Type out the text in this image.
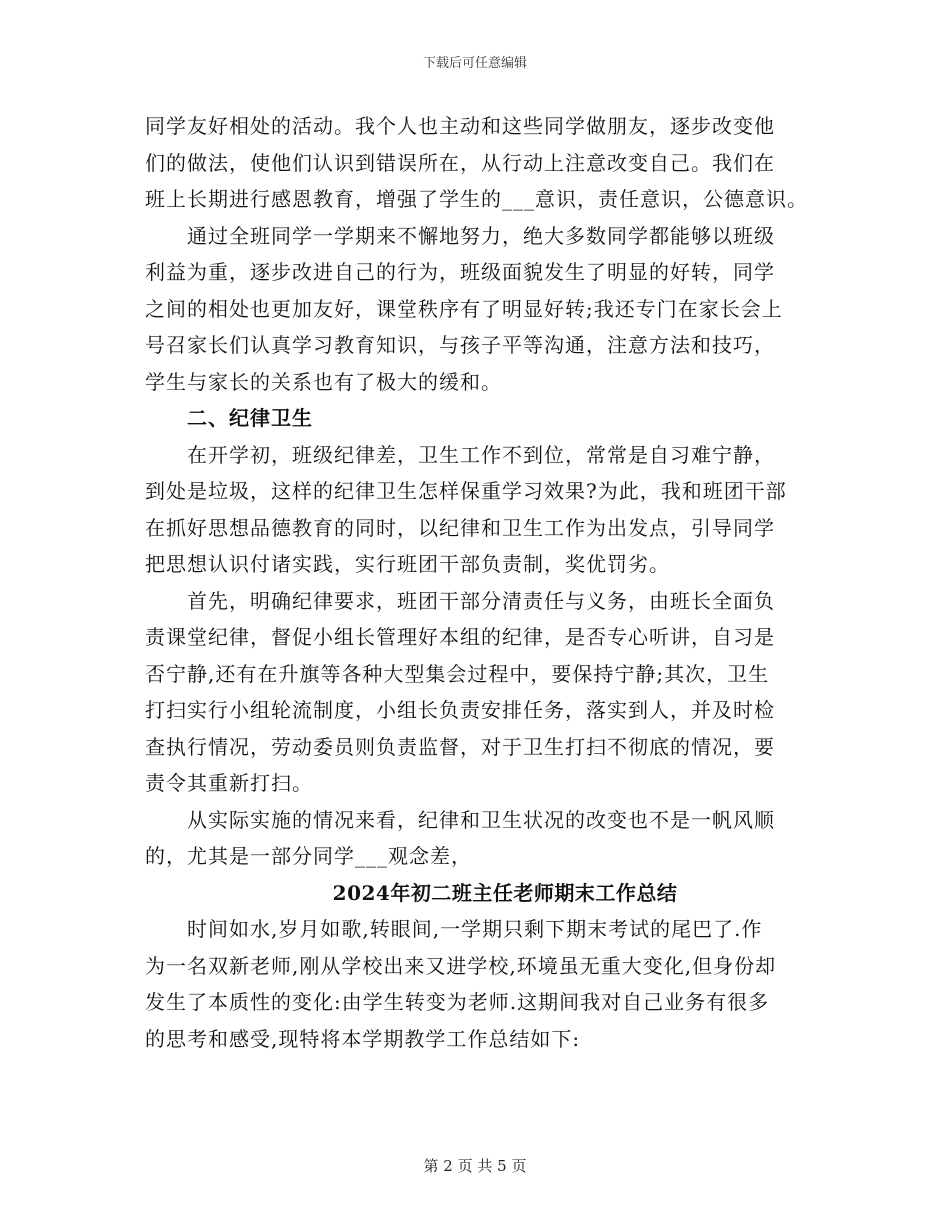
下载后可任意编辑
同学友好相处的活动。我个人也主动和这些同学做朋友，逐步改变他
们的做法，使他们认识到错误所在，从行动上注意改变自己。我们在
班上长期进行感恩教育，增强了学生的___意识，责任意识，公德意识。
通过全班同学一学期来不懈地努力，绝大多数同学都能够以班级
利益为重，逐步改进自己的行为，班级面貌发生了明显的好转，同学
之间的相处也更加友好，课堂秩序有了明显好转;我还专门在家长会上
号召家长们认真学习教育知识，与孩子平等沟通，注意方法和技巧，
学生与家长的关系也有了极大的缓和。
二、纪律卫生
在开学初，班级纪律差，卫生工作不到位，常常是自习难宁静，
到处是垃圾，这样的纪律卫生怎样保重学习效果?为此，我和班团干部
在抓好思想品德教育的同时，以纪律和卫生工作为出发点，引导同学
把思想认识付诸实践，实行班团干部负责制，奖优罚劣。
首先，明确纪律要求，班团干部分清责任与义务，由班长全面负
责课堂纪律，督促小组长管理好本组的纪律，是否专心听讲，自习是
否宁静,还有在升旗等各种大型集会过程中，要保持宁静;其次，卫生
打扫实行小组轮流制度，小组长负责安排任务，落实到人，并及时检
查执行情况，劳动委员则负责监督，对于卫生打扫不彻底的情况，要
责令其重新打扫。
从实际实施的情况来看，纪律和卫生状况的改变也不是一帆风顺
的，尤其是一部分同学___观念差，
2024年初二班主任老师期末工作总结
时间如水,岁月如歌,转眼间,一学期只剩下期末考试的尾巴了.作
为一名双新老师,刚从学校出来又进学校,环境虽无重大变化,但身份却
发生了本质性的变化:由学生转变为老师.这期间我对自己业务有很多
的思考和感受,现特将本学期教学工作总结如下:
第 2 页 共 5 页
